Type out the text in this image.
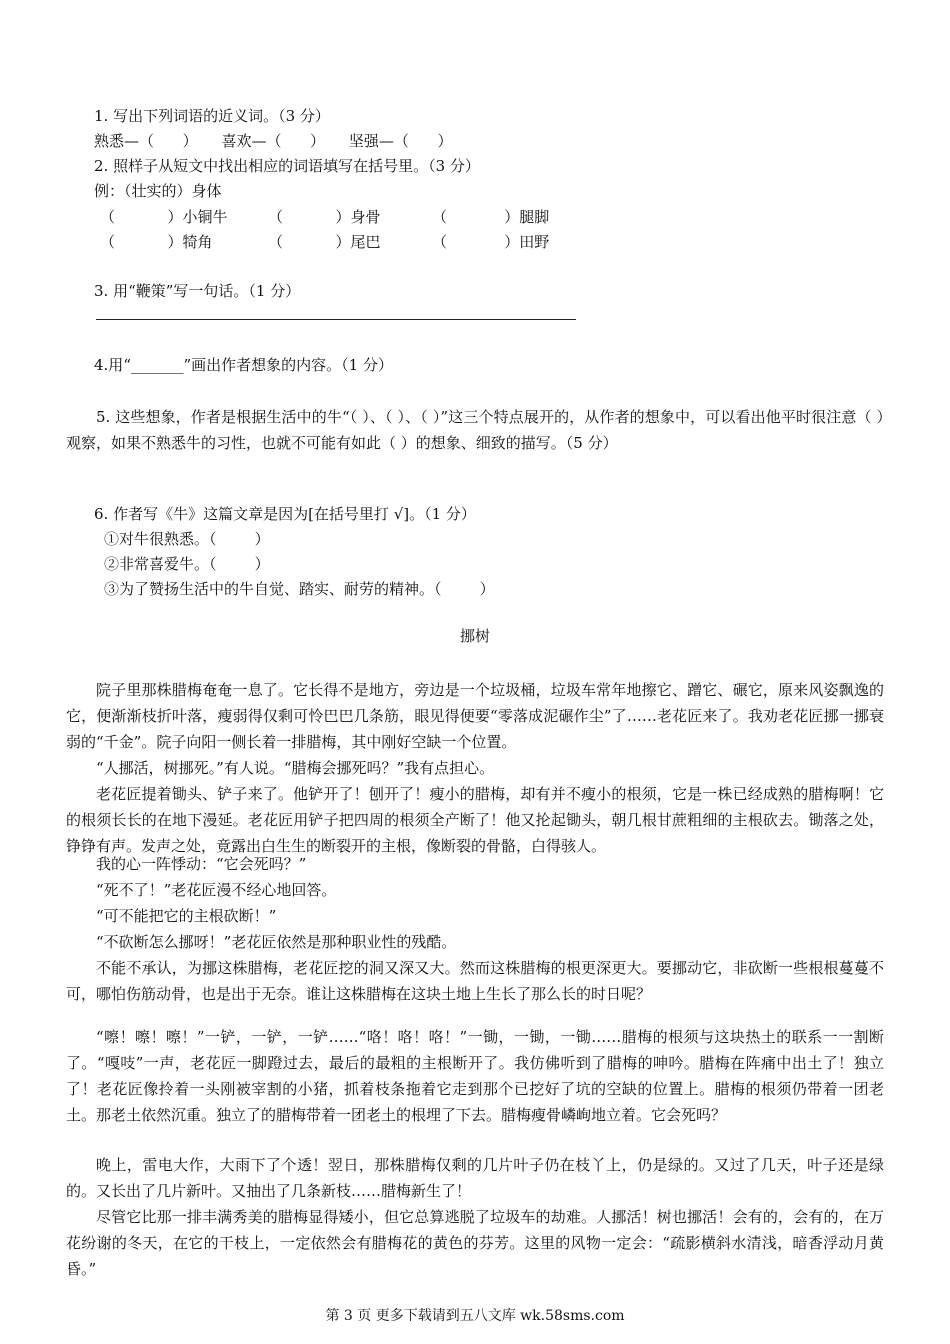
1. 写出下列词语的近义词。（3 分）
熟悉—（      ）     喜欢—（      ）     坚强—（      ）
2. 照样子从短文中找出相应的词语填写在括号里。（3 分）
例：（壮实的）身体
（           ）小铜牛	（           ）身骨	（            ）腿脚
（           ）犄角	（           ）尾巴	（            ）田野
3. 用“鞭策”写一句话。（1 分）
4.用“_______”画出作者想象的内容。（1 分）
5. 这些想象，作者是根据生活中的牛“（ ）、（ ）、（ ）”这三个特点展开的，从作者的想象中，可以看出他平时很注意（ ）观察，如果不熟悉牛的习性，也就不可能有如此（ ）的想象、细致的描写。（5 分）
6. 作者写《牛》这篇文章是因为[在括号里打 √]。（1 分）
①对牛很熟悉。（        ）
②非常喜爱牛。（        ）
③为了赞扬生活中的牛自觉、踏实、耐劳的精神。（        ）
挪树
院子里那株腊梅奄奄一息了。它长得不是地方，旁边是一个垃圾桶，垃圾车常年地擦它、蹭它、碾它，原来风姿飘逸的它，便渐渐枝折叶落，瘦弱得仅剩可怜巴巴几条筋，眼见得便要“零落成泥碾作尘”了……老花匠来了。我劝老花匠挪一挪衰弱的“千金”。院子向阳一侧长着一排腊梅，其中刚好空缺一个位置。
“人挪活，树挪死。”有人说。“腊梅会挪死吗？”我有点担心。
老花匠提着锄头、铲子来了。他铲开了！刨开了！瘦小的腊梅，却有并不瘦小的根须，它是一株已经成熟的腊梅啊！它的根须长长的在地下漫延。老花匠用铲子把四周的根须全产断了！他又抡起锄头，朝几根甘蔗粗细的主根砍去。锄落之处，铮铮有声。发声之处，竟露出白生生的断裂开的主根，像断裂的骨骼，白得骇人。
我的心一阵悸动：“它会死吗？”
“死不了！”老花匠漫不经心地回答。
“可不能把它的主根砍断！”
“不砍断怎么挪呀！”老花匠依然是那种职业性的残酷。
不能不承认，为挪这株腊梅，老花匠挖的洞又深又大。然而这株腊梅的根更深更大。要挪动它，非砍断一些根根蔓蔓不可，哪怕伤筋动骨，也是出于无奈。谁让这株腊梅在这块土地上生长了那么长的时日呢？
“嚓！嚓！嚓！”一铲，一铲，一铲……“咯！咯！咯！”一锄，一锄，一锄……腊梅的根须与这块热土的联系一一割断了。“嘎吱”一声，老花匠一脚蹬过去，最后的最粗的主根断开了。我仿佛听到了腊梅的呻吟。腊梅在阵痛中出土了！独立了！老花匠像拎着一头刚被宰割的小猪，抓着枝条拖着它走到那个已挖好了坑的空缺的位置上。腊梅的根须仍带着一团老土。那老土依然沉重。独立了的腊梅带着一团老土的根埋了下去。腊梅瘦骨嶙峋地立着。它会死吗？
晚上，雷电大作，大雨下了个透！翌日，那株腊梅仅剩的几片叶子仍在枝丫上，仍是绿的。又过了几天，叶子还是绿的。又长出了几片新叶。又抽出了几条新枝……腊梅新生了！
尽管它比那一排丰满秀美的腊梅显得矮小，但它总算逃脱了垃圾车的劫难。人挪活！树也挪活！会有的，会有的，在万花纷谢的冬天，在它的干枝上，一定依然会有腊梅花的黄色的芬芳。这里的风物一定会：“疏影横斜水清浅，暗香浮动月黄昏。”
第 3 页 更多下载请到五八文库 wk.58sms.com
